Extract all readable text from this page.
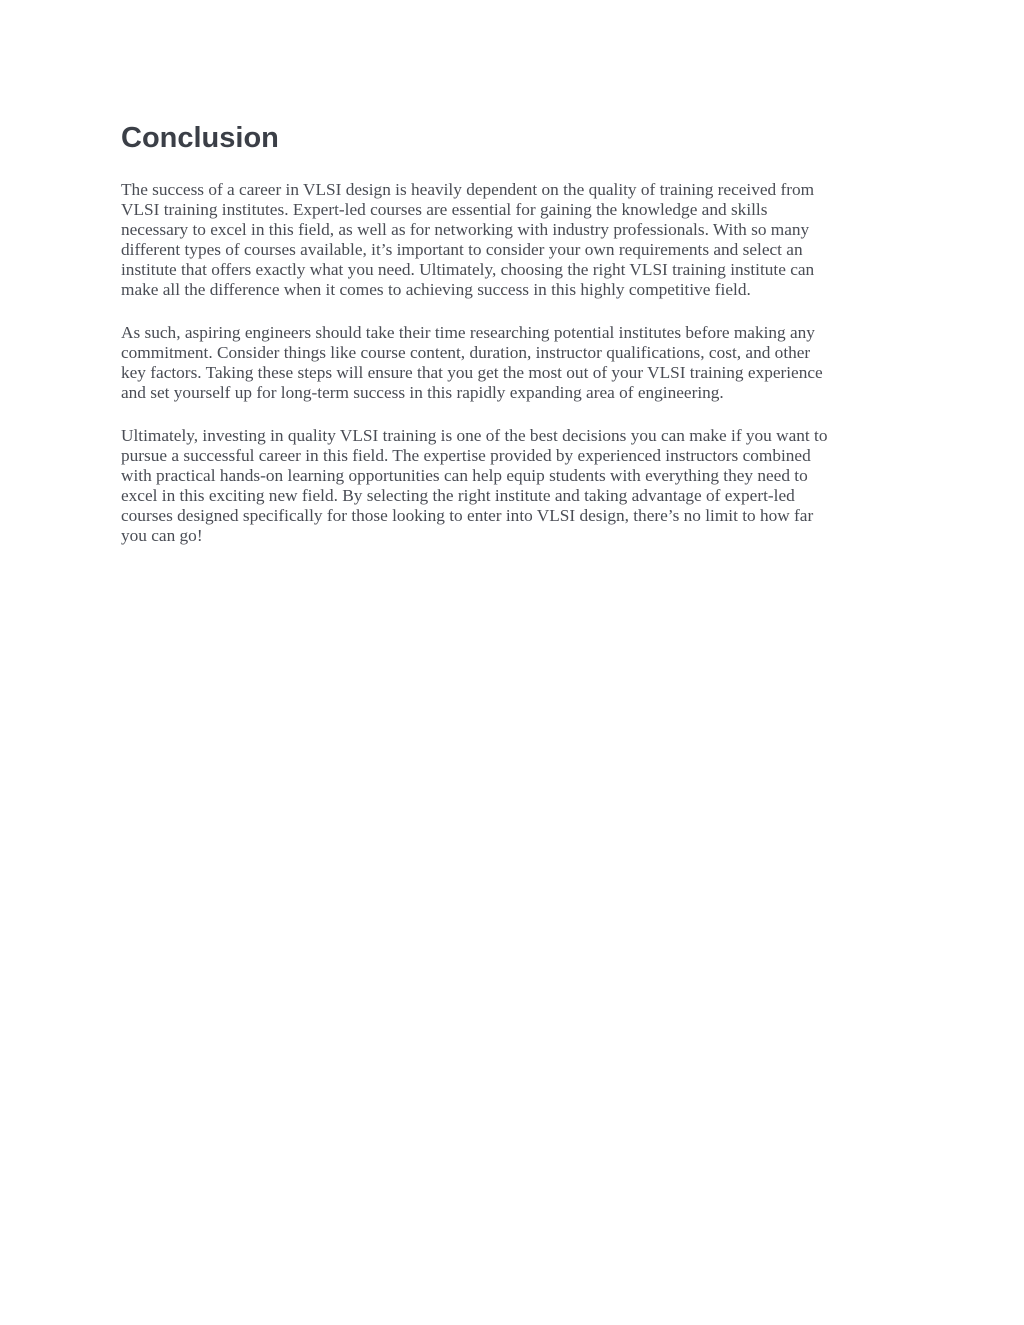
Conclusion

The success of a career in VLSI design is heavily dependent on the quality of training received from
VLSI training institutes. Expert-led courses are essential for gaining the knowledge and skills
necessary to excel in this field, as well as for networking with industry professionals. With so many
different types of courses available, it’s important to consider your own requirements and select an
institute that offers exactly what you need. Ultimately, choosing the right VLSI training institute can
make all the difference when it comes to achieving success in this highly competitive field.

As such, aspiring engineers should take their time researching potential institutes before making any
commitment. Consider things like course content, duration, instructor qualifications, cost, and other
key factors. Taking these steps will ensure that you get the most out of your VLSI training experience
and set yourself up for long-term success in this rapidly expanding area of engineering.

Ultimately, investing in quality VLSI training is one of the best decisions you can make if you want to
pursue a successful career in this field. The expertise provided by experienced instructors combined
with practical hands-on learning opportunities can help equip students with everything they need to
excel in this exciting new field. By selecting the right institute and taking advantage of expert-led
courses designed specifically for those looking to enter into VLSI design, there’s no limit to how far
you can go!
